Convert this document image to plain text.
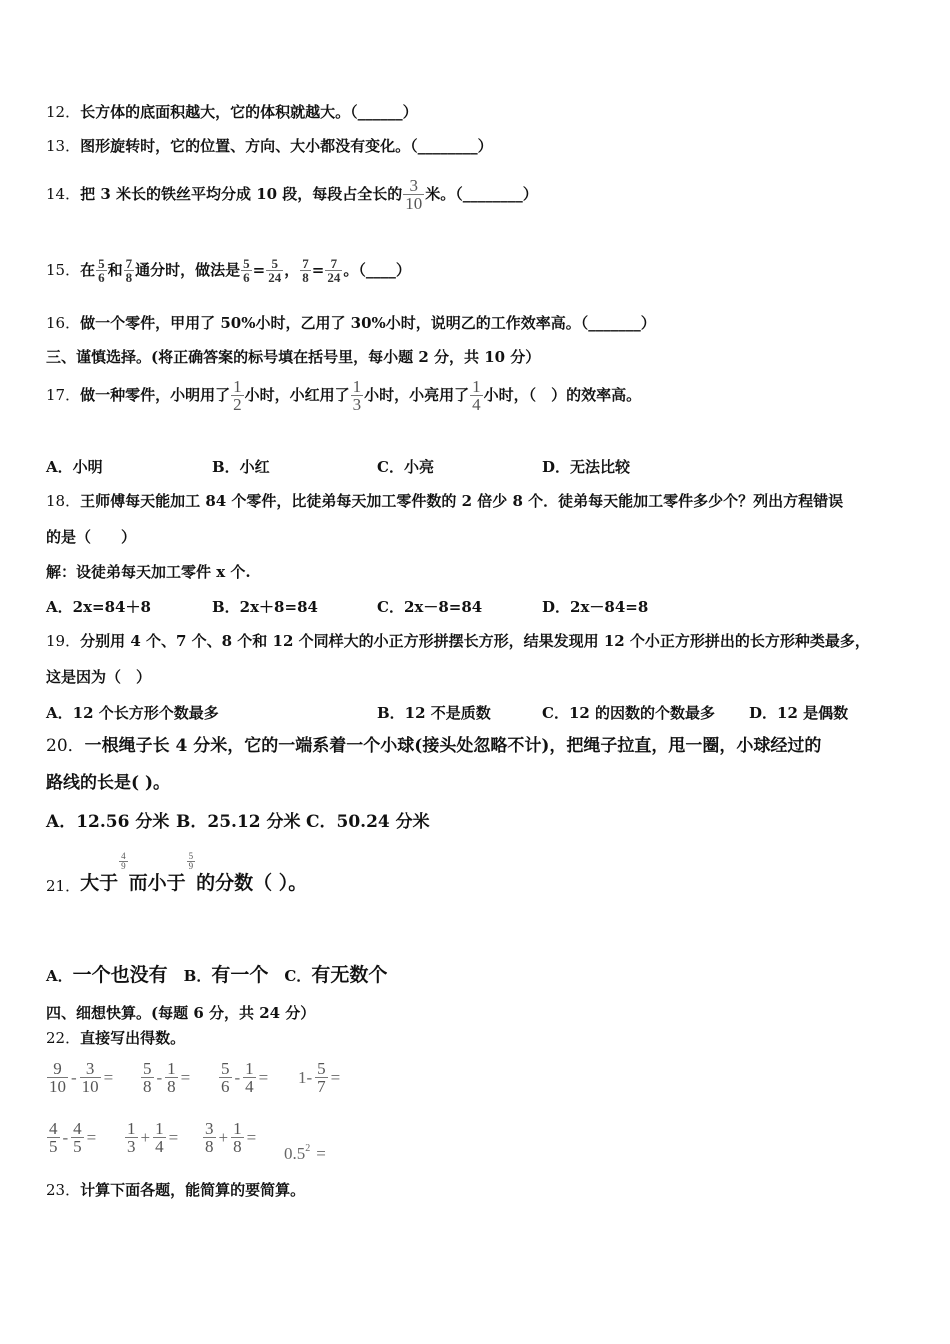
12．长方体的底面积越大，它的体积就越大。（______）
13．图形旋转时，它的位置、方向、大小都没有变化。（________）
14． 把 3 米长的铁丝平均分成 10 段，每段占全长的 $\frac{3}{10}$ 米。（________）
15． 在 $\frac{5}{6}$ 和 $\frac{7}{8}$ 通分时，做法是 $\frac{5}{6} = \frac{5}{24}$ ， $\frac{7}{8} = \frac{7}{24}$ 。（____）
16．做一个零件，甲用了 50%小时，乙用了 30%小时，说明乙的工作效率高。（_______）
三、谨慎选择。(将正确答案的标号填在括号里，每小题 2 分，共 10 分）
17． 做一种零件，小明用了 $\frac{1}{2}$ 小时，小红用了 $\frac{1}{3}$ 小时，小亮用了 $\frac{1}{4}$ 小时，（　）的效率高。
A．小明	B．小红	C．小亮	D．无法比较
18．王师傅每天能加工 84 个零件，比徒弟每天加工零件数的 2 倍少 8 个．徒弟每天能加工零件多少个？列出方程错误
的是（　　）
解：设徒弟每天加工零件 x 个.
A．2x=84＋8	B．2x＋8=84	C．2x－8=84	D．2x－84=8
19．分别用 4 个、7 个、8 个和 12 个同样大的小正方形拼摆长方形，结果发现用 12 个小正方形拼出的长方形种类最多，
这是因为（　）
A．12 个长方形个数最多	B．12 不是质数	C．12 的因数的个数最多 D．12 是偶数
20．一根绳子长 4 分米，它的一端系着一个小球(接头处忽略不计)，把绳子拉直，甩一圈，小球经过的
路线的长是( )。
A．12.56 分米 B．25.12 分米 C．50.24 分米
21． 大于
$\frac{4}{9}$
而小于
$\frac{5}{9}$
的分数（ ）。
A． 一个也没有 B． 有一个 C． 有无数个
四、细想快算。(每题 6 分，共 24 分）
22．直接写出得数。
$\frac{9}{10} - \frac{3}{10} = \frac{5}{8} - \frac{1}{8} = \frac{5}{6} - \frac{1}{4} = 1- \frac{5}{7}$ =
$\frac{4}{5} - \frac{4}{5} = \frac{1}{3} + \frac{1}{4} = \frac{3}{8} + \frac{1}{8}$ =
$0.5^2$ =
23．计算下面各题，能简算的要简算。
